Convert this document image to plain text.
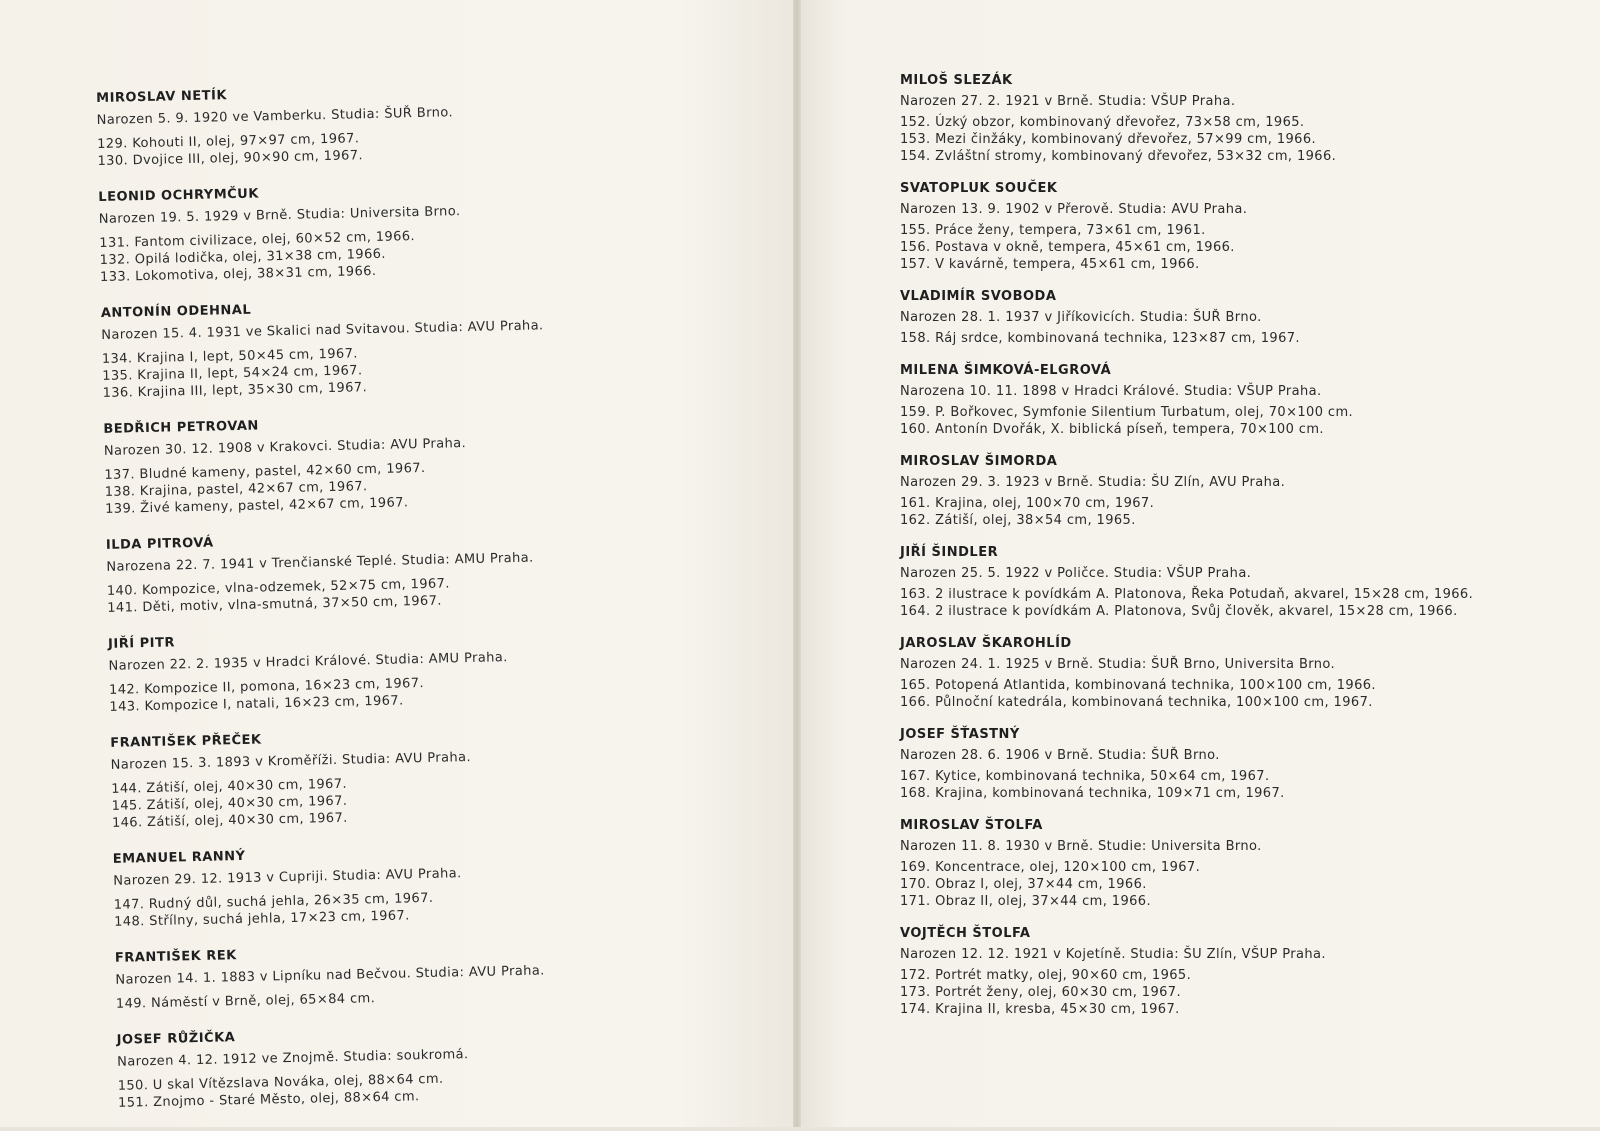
MIROSLAV NETÍK
Narozen 5. 9. 1920 ve Vamberku. Studia: ŠUŘ Brno.
129. Kohouti II, olej, 97×97 cm, 1967.
130. Dvojice III, olej, 90×90 cm, 1967.
LEONID OCHRYMČUK
Narozen 19. 5. 1929 v Brně. Studia: Universita Brno.
131. Fantom civilizace, olej, 60×52 cm, 1966.
132. Opilá lodička, olej, 31×38 cm, 1966.
133. Lokomotiva, olej, 38×31 cm, 1966.
ANTONÍN ODEHNAL
Narozen 15. 4. 1931 ve Skalici nad Svitavou. Studia: AVU Praha.
134. Krajina I, lept, 50×45 cm, 1967.
135. Krajina II, lept, 54×24 cm, 1967.
136. Krajina III, lept, 35×30 cm, 1967.
BEDŘICH PETROVAN
Narozen 30. 12. 1908 v Krakovci. Studia: AVU Praha.
137. Bludné kameny, pastel, 42×60 cm, 1967.
138. Krajina, pastel, 42×67 cm, 1967.
139. Živé kameny, pastel, 42×67 cm, 1967.
ILDA PITROVÁ
Narozena 22. 7. 1941 v Trenčianské Teplé. Studia: AMU Praha.
140. Kompozice, vlna-odzemek, 52×75 cm, 1967.
141. Děti, motiv, vlna-smutná, 37×50 cm, 1967.
JIŘÍ PITR
Narozen 22. 2. 1935 v Hradci Králové. Studia: AMU Praha.
142. Kompozice II, pomona, 16×23 cm, 1967.
143. Kompozice I, natali, 16×23 cm, 1967.
FRANTIŠEK PŘEČEK
Narozen 15. 3. 1893 v Kroměříži. Studia: AVU Praha.
144. Zátiší, olej, 40×30 cm, 1967.
145. Zátiší, olej, 40×30 cm, 1967.
146. Zátiší, olej, 40×30 cm, 1967.
EMANUEL RANNÝ
Narozen 29. 12. 1913 v Cupriji. Studia: AVU Praha.
147. Rudný důl, suchá jehla, 26×35 cm, 1967.
148. Střílny, suchá jehla, 17×23 cm, 1967.
FRANTIŠEK REK
Narozen 14. 1. 1883 v Lipníku nad Bečvou. Studia: AVU Praha.
149. Náměstí v Brně, olej, 65×84 cm.
JOSEF RŮŽIČKA
Narozen 4. 12. 1912 ve Znojmě. Studia: soukromá.
150. U skal Vítězslava Nováka, olej, 88×64 cm.
151. Znojmo - Staré Město, olej, 88×64 cm.
MILOŠ SLEZÁK
Narozen 27. 2. 1921 v Brně. Studia: VŠUP Praha.
152. Úzký obzor, kombinovaný dřevořez, 73×58 cm, 1965.
153. Mezi činžáky, kombinovaný dřevořez, 57×99 cm, 1966.
154. Zvláštní stromy, kombinovaný dřevořez, 53×32 cm, 1966.
SVATOPLUK SOUČEK
Narozen 13. 9. 1902 v Přerově. Studia: AVU Praha.
155. Práce ženy, tempera, 73×61 cm, 1961.
156. Postava v okně, tempera, 45×61 cm, 1966.
157. V kavárně, tempera, 45×61 cm, 1966.
VLADIMÍR SVOBODA
Narozen 28. 1. 1937 v Jiříkovicích. Studia: ŠUŘ Brno.
158. Ráj srdce, kombinovaná technika, 123×87 cm, 1967.
MILENA ŠIMKOVÁ-ELGROVÁ
Narozena 10. 11. 1898 v Hradci Králové. Studia: VŠUP Praha.
159. P. Bořkovec, Symfonie Silentium Turbatum, olej, 70×100 cm.
160. Antonín Dvořák, X. biblická píseň, tempera, 70×100 cm.
MIROSLAV ŠIMORDA
Narozen 29. 3. 1923 v Brně. Studia: ŠU Zlín, AVU Praha.
161. Krajina, olej, 100×70 cm, 1967.
162. Zátiší, olej, 38×54 cm, 1965.
JIŘÍ ŠINDLER
Narozen 25. 5. 1922 v Poličce. Studia: VŠUP Praha.
163. 2 ilustrace k povídkám A. Platonova, Řeka Potudaň, akvarel, 15×28 cm, 1966.
164. 2 ilustrace k povídkám A. Platonova, Svůj člověk, akvarel, 15×28 cm, 1966.
JAROSLAV ŠKAROHLÍD
Narozen 24. 1. 1925 v Brně. Studia: ŠUŘ Brno, Universita Brno.
165. Potopená Atlantida, kombinovaná technika, 100×100 cm, 1966.
166. Půlnoční katedrála, kombinovaná technika, 100×100 cm, 1967.
JOSEF ŠŤASTNÝ
Narozen 28. 6. 1906 v Brně. Studia: ŠUŘ Brno.
167. Kytice, kombinovaná technika, 50×64 cm, 1967.
168. Krajina, kombinovaná technika, 109×71 cm, 1967.
MIROSLAV ŠTOLFA
Narozen 11. 8. 1930 v Brně. Studie: Universita Brno.
169. Koncentrace, olej, 120×100 cm, 1967.
170. Obraz I, olej, 37×44 cm, 1966.
171. Obraz II, olej, 37×44 cm, 1966.
VOJTĚCH ŠTOLFA
Narozen 12. 12. 1921 v Kojetíně. Studia: ŠU Zlín, VŠUP Praha.
172. Portrét matky, olej, 90×60 cm, 1965.
173. Portrét ženy, olej, 60×30 cm, 1967.
174. Krajina II, kresba, 45×30 cm, 1967.
